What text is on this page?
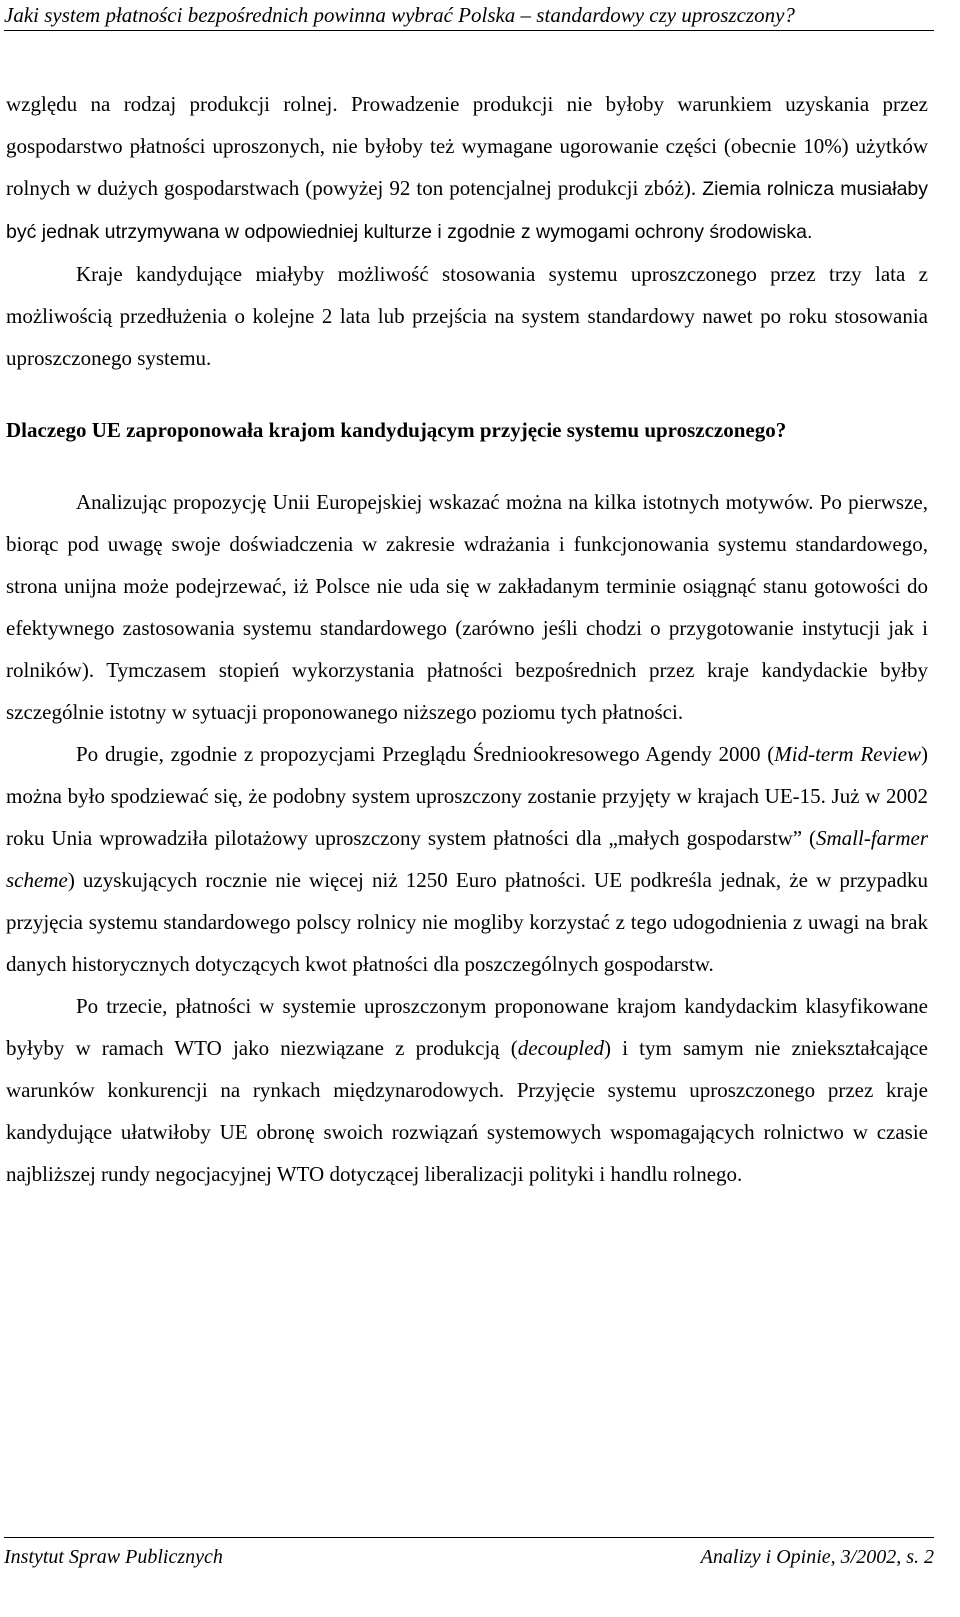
Jaki system płatności bezpośrednich powinna wybrać Polska – standardowy czy uproszczony?

względu na rodzaj produkcji rolnej. Prowadzenie produkcji nie byłoby warunkiem uzyskania przez gospodarstwo płatności uproszonych, nie byłoby też wymagane ugorowanie części (obecnie 10%) użytków rolnych w dużych gospodarstwach (powyżej 92 ton potencjalnej produkcji zbóż). Ziemia rolnicza musiałaby być jednak utrzymywana w odpowiedniej kulturze i zgodnie z wymogami ochrony środowiska.

Kraje kandydujące miałyby możliwość stosowania systemu uproszczonego przez trzy lata z możliwością przedłużenia o kolejne 2 lata lub przejścia na system standardowy nawet po roku stosowania uproszczonego systemu.

Dlaczego UE zaproponowała krajom kandydującym przyjęcie systemu uproszczonego?

Analizując propozycję Unii Europejskiej wskazać można na kilka istotnych motywów. Po pierwsze, biorąc pod uwagę swoje doświadczenia w zakresie wdrażania i funkcjonowania systemu standardowego, strona unijna może podejrzewać, iż Polsce nie uda się w zakładanym terminie osiągnąć stanu gotowości do efektywnego zastosowania systemu standardowego (zarówno jeśli chodzi o przygotowanie instytucji jak i rolników). Tymczasem stopień wykorzystania płatności bezpośrednich przez kraje kandydackie byłby szczególnie istotny w sytuacji proponowanego niższego poziomu tych płatności.

Po drugie, zgodnie z propozycjami Przeglądu Średniookresowego Agendy 2000 (Mid-term Review) można było spodziewać się, że podobny system uproszczony zostanie przyjęty w krajach UE-15. Już w 2002 roku Unia wprowadziła pilotażowy uproszczony system płatności dla „małych gospodarstw” (Small-farmer scheme) uzyskujących rocznie nie więcej niż 1250 Euro płatności. UE podkreśla jednak, że w przypadku przyjęcia systemu standardowego polscy rolnicy nie mogliby korzystać z tego udogodnienia z uwagi na brak danych historycznych dotyczących kwot płatności dla poszczególnych gospodarstw.

Po trzecie, płatności w systemie uproszczonym proponowane krajom kandydackim klasyfikowane byłyby w ramach WTO jako niezwiązane z produkcją (decoupled) i tym samym nie zniekształcające warunków konkurencji na rynkach międzynarodowych. Przyjęcie systemu uproszczonego przez kraje kandydujące ułatwiłoby UE obronę swoich rozwiązań systemowych wspomagających rolnictwo w czasie najbliższej rundy negocjacyjnej WTO dotyczącej liberalizacji polityki i handlu rolnego.

Instytut Spraw Publicznych	Analizy i Opinie, 3/2002, s. 2
